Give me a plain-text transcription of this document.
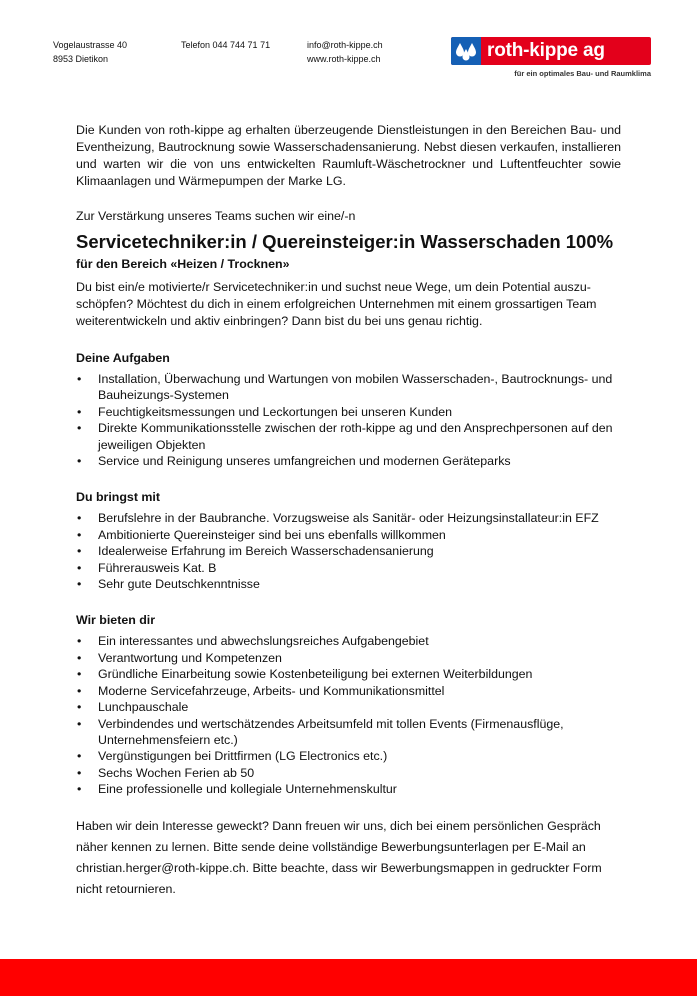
Vogelaustrasse 40
8953 Dietikon
Telefon 044 744 71 71	info@roth-kippe.ch
www.roth-kippe.ch	roth-kippe ag
für ein optimales Bau- und Raumklima

Die Kunden von roth-kippe ag erhalten überzeugende Dienstleistungen in den Bereichen Bau- und Eventheizung, Bautrocknung sowie Wasserschadensanierung. Nebst diesen verkaufen, installieren und warten wir die von uns entwickelten Raumluft-Wäschetrockner und Luftentfeuchter sowie Klimaanlagen und Wärmepumpen der Marke LG.

Zur Verstärkung unseres Teams suchen wir eine/-n

Servicetechniker:in / Quereinsteiger:in Wasserschaden 100%
für den Bereich «Heizen / Trocknen»

Du bist ein/e motivierte/r Servicetechniker:in und suchst neue Wege, um dein Potential auszu-schöpfen? Möchtest du dich in einem erfolgreichen Unternehmen mit einem grossartigen Team weiterentwickeln und aktiv einbringen? Dann bist du bei uns genau richtig.

Deine Aufgaben
• Installation, Überwachung und Wartungen von mobilen Wasserschaden-, Bautrocknungs- und Bauheizungs-Systemen
• Feuchtigkeitsmessungen und Leckortungen bei unseren Kunden
• Direkte Kommunikationsstelle zwischen der roth-kippe ag und den Ansprechpersonen auf den jeweiligen Objekten
• Service und Reinigung unseres umfangreichen und modernen Geräteparks
Du bringst mit
• Berufslehre in der Baubranche. Vorzugsweise als Sanitär- oder Heizungsinstallateur:in EFZ
• Ambitionierte Quereinsteiger sind bei uns ebenfalls willkommen
• Idealerweise Erfahrung im Bereich Wasserschadensanierung
• Führerausweis Kat. B
• Sehr gute Deutschkenntnisse
Wir bieten dir
• Ein interessantes und abwechslungsreiches Aufgabengebiet
• Verantwortung und Kompetenzen
• Gründliche Einarbeitung sowie Kostenbeteiligung bei externen Weiterbildungen
• Moderne Servicefahrzeuge, Arbeits- und Kommunikationsmittel
• Lunchpauschale
• Verbindendes und wertschätzendes Arbeitsumfeld mit tollen Events (Firmenausflüge, Unternehmensfeiern etc.)
• Vergünstigungen bei Drittfirmen (LG Electronics etc.)
• Sechs Wochen Ferien ab 50
• Eine professionelle und kollegiale Unternehmenskultur

Haben wir dein Interesse geweckt? Dann freuen wir uns, dich bei einem persönlichen Gespräch näher kennen zu lernen. Bitte sende deine vollständige Bewerbungsunterlagen per E-Mail an christian.herger@roth-kippe.ch. Bitte beachte, dass wir Bewerbungsmappen in gedruckter Form nicht retournieren.
